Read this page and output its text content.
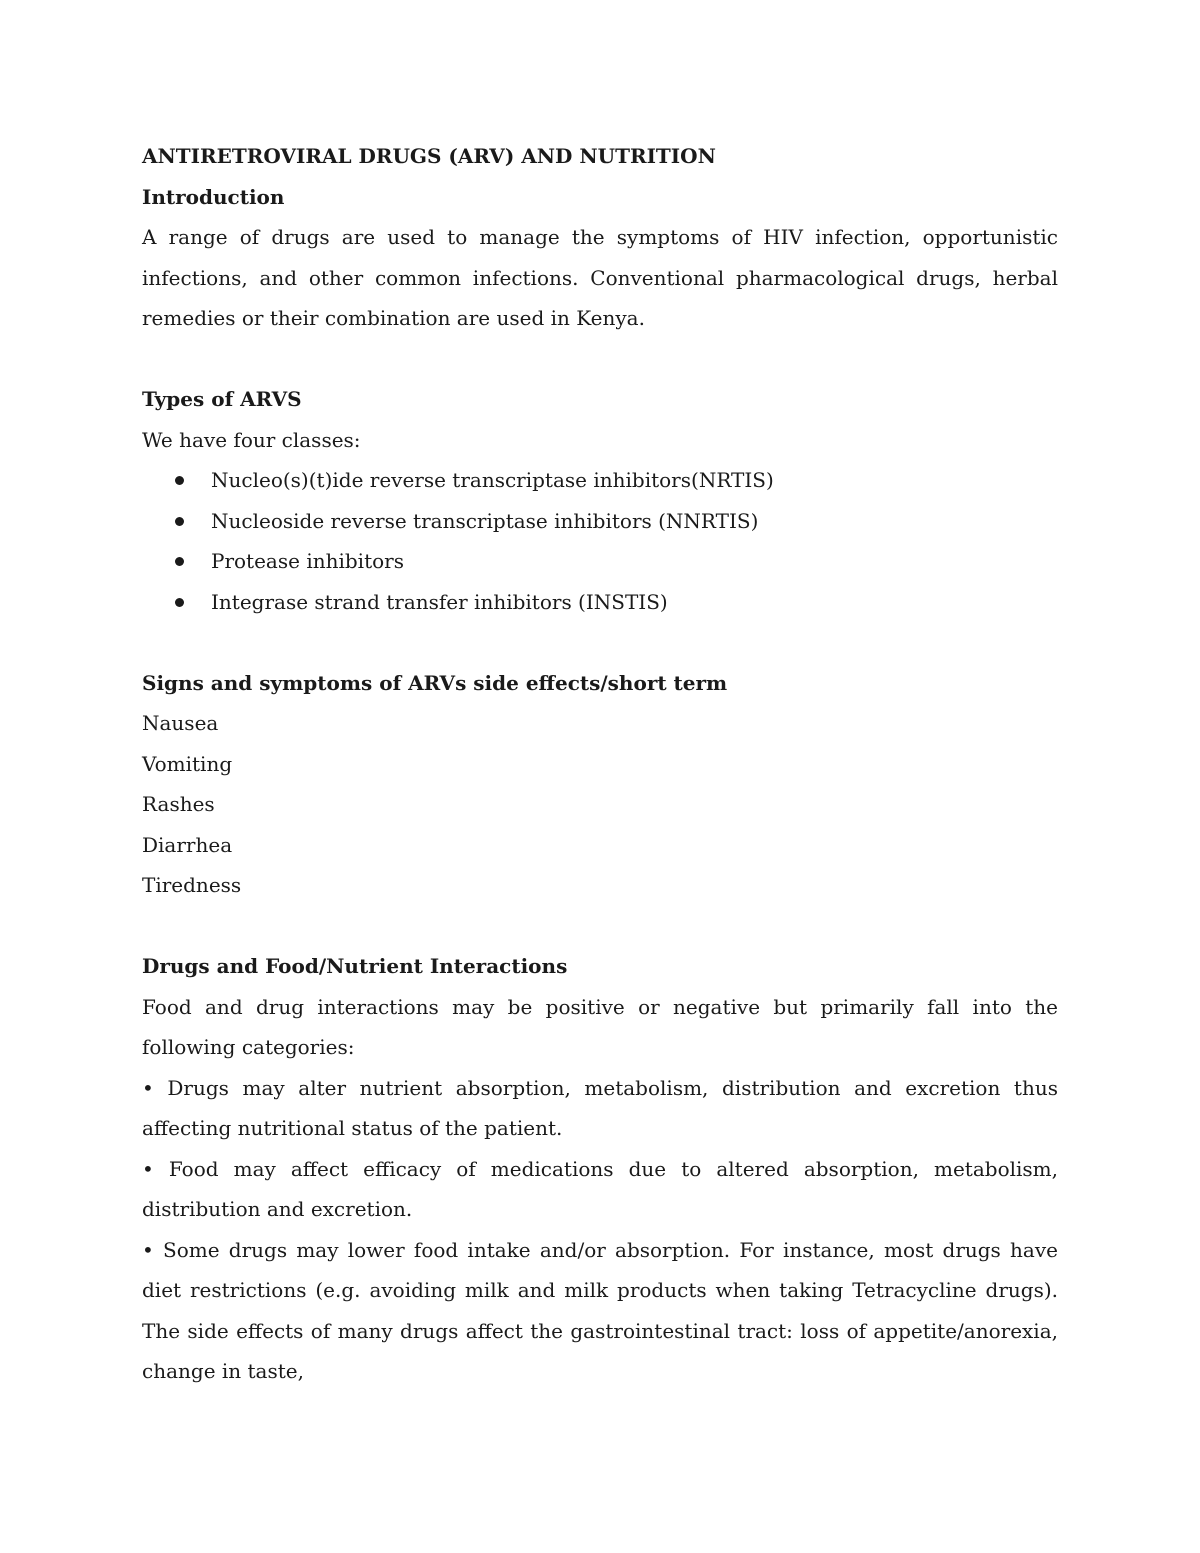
ANTIRETROVIRAL DRUGS (ARV) AND NUTRITION
Introduction

A range of drugs are used to manage the symptoms of HIV infection, opportunistic infections, and other common infections. Conventional pharmacological drugs, herbal remedies or their combination are used in Kenya.

Types of ARVS

We have four classes:

Nucleo(s)(t)ide reverse transcriptase inhibitors(NRTIS)
Nucleoside reverse transcriptase inhibitors (NNRTIS)
Protease inhibitors
Integrase strand transfer inhibitors (INSTIS)
Signs and symptoms of ARVs side effects/short term

Nausea

Vomiting

Rashes

Diarrhea

Tiredness

Drugs and Food/Nutrient Interactions

Food and drug interactions may be positive or negative but primarily fall into the following categories:

• Drugs may alter nutrient absorption, metabolism, distribution and excretion thus affecting nutritional status of the patient.

• Food may affect efficacy of medications due to altered absorption, metabolism, distribution and excretion.

• Some drugs may lower food intake and/or absorption. For instance, most drugs have diet restrictions (e.g. avoiding milk and milk products when taking Tetracycline drugs). The side effects of many drugs affect the gastrointestinal tract: loss of appetite/anorexia, change in taste,
